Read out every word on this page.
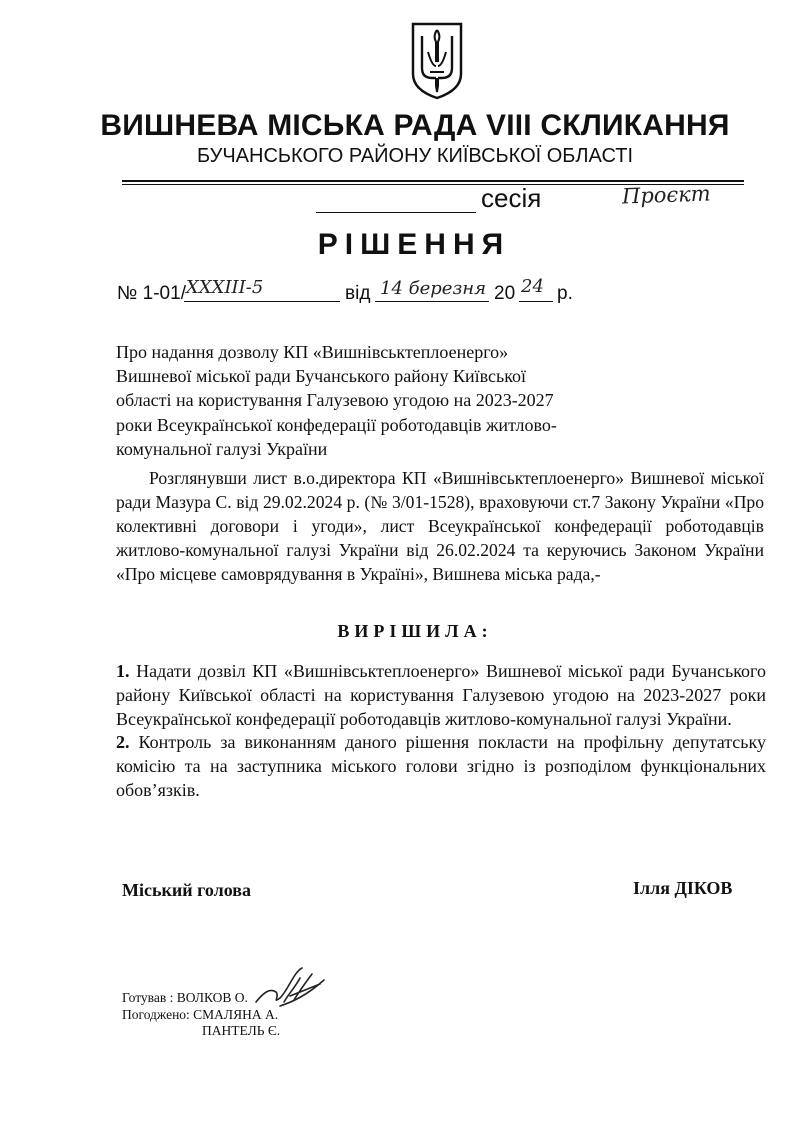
ВИШНЕВА МІСЬКА РАДА VIII СКЛИКАННЯ
БУЧАНСЬКОГО РАЙОНУ КИЇВСЬКОЇ ОБЛАСТІ
сесія	Проєкт
РІШЕННЯ
№ 1-01/ XXXIII-5	від 14 березня 20 24 р.
Про надання дозволу КП «Вишнівськтеплоенерго» Вишневої міської ради Бучанського району Київської області на користування Галузевою угодою на 2023-2027 роки Всеукраїнської конфедерації роботодавців житлово-комунальної галузі України
Розглянувши лист в.о.директора КП «Вишнівськтеплоенерго» Вишневої міської ради Мазура С. від 29.02.2024 р. (№ 3/01-1528), враховуючи ст.7 Закону України «Про колективні договори і угоди», лист Всеукраїнської конфедерації роботодавців житлово-комунальної галузі України від 26.02.2024 та керуючись Законом України «Про місцеве самоврядування в Україні», Вишнева міська рада,-
ВИРІШИЛА:
1. Надати дозвіл КП «Вишнівськтеплоенерго» Вишневої міської ради Бучанського району Київської області на користування Галузевою угодою на 2023-2027 роки Всеукраїнської конфедерації роботодавців житлово-комунальної галузі України.
2. Контроль за виконанням даного рішення покласти на профільну депутатську комісію та на заступника міського голови згідно із розподілом функціональних обов’язків.
Міський голова	Ілля ДІКОВ
Готував : ВОЛКОВ О.
Погоджено: СМАЛЯНА А.
ПАНТЕЛЬ Є.
